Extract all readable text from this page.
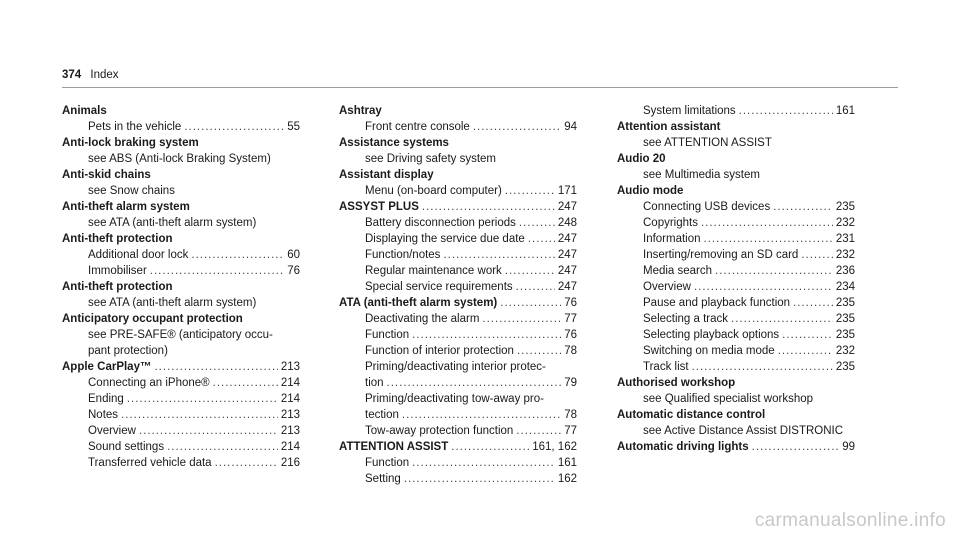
374 Index
Animals
Pets in the vehicle .....	55
Anti-lock braking system
see ABS (Anti-lock Braking System)
Anti-skid chains
see Snow chains
Anti-theft alarm system
see ATA (anti-theft alarm system)
Anti-theft protection
Additional door lock .....	60
Immobiliser .....	76
Anti-theft protection
see ATA (anti-theft alarm system)
Anticipatory occupant protection
see PRE-SAFE® (anticipatory occu-
pant protection)
Apple CarPlay™ .....	213
Connecting an iPhone® .....	214
Ending .....	214
Notes .....	213
Overview .....	213
Sound settings .....	214
Transferred vehicle data .....	216
Ashtray
Front centre console .....	94
Assistance systems
see Driving safety system
Assistant display
Menu (on-board computer) .....	171
ASSYST PLUS .....	247
Battery disconnection periods .....	248
Displaying the service due date .....	247
Function/notes .....	247
Regular maintenance work .....	247
Special service requirements .....	247
ATA (anti-theft alarm system) .....	76
Deactivating the alarm .....	77
Function .....	76
Function of interior protection .....	78
Priming/deactivating interior protec-
tion .....	79
Priming/deactivating tow-away pro-
tection .....	78
Tow-away protection function .....	77
ATTENTION ASSIST .....	161, 162
Function .....	161
Setting .....	162
System limitations .....	161
Attention assistant
see ATTENTION ASSIST
Audio 20
see Multimedia system
Audio mode
Connecting USB devices .....	235
Copyrights .....	232
Information .....	231
Inserting/removing an SD card .....	232
Media search .....	236
Overview .....	234
Pause and playback function .....	235
Selecting a track .....	235
Selecting playback options .....	235
Switching on media mode .....	232
Track list .....	235
Authorised workshop
see Qualified specialist workshop
Automatic distance control
see Active Distance Assist DISTRONIC
Automatic driving lights .....	99
carmanualsonline.info
